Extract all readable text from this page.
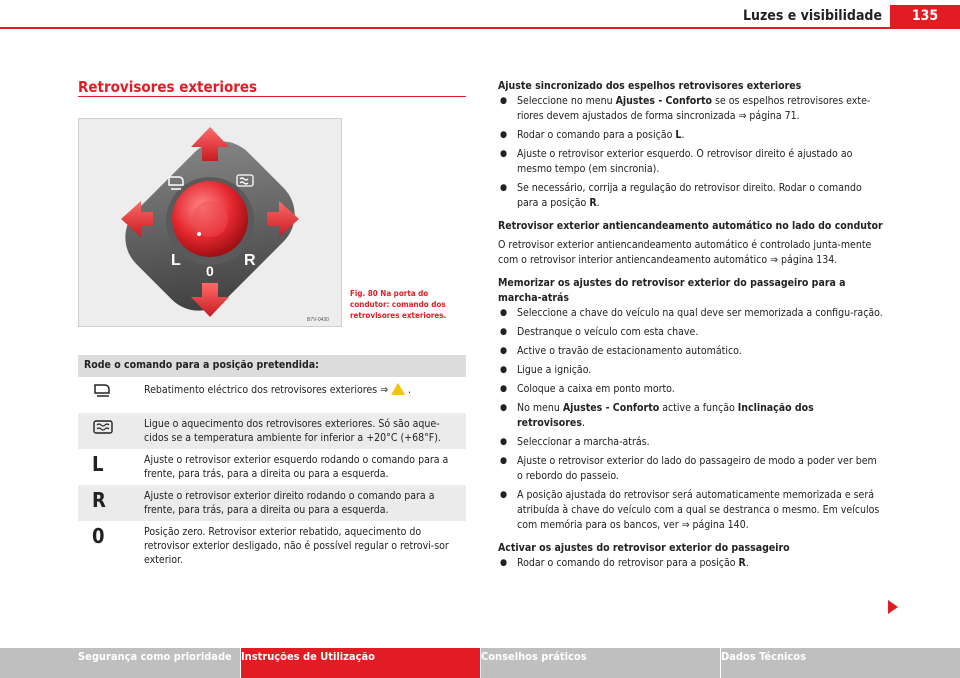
Luzes e visibilidade	135
Retrovisores exteriores
L
0
R
B7V-0430
Fig. 80 Na porta do condutor: comando dos retrovisores exteriores.
Rode o comando para a posição pretendida:
Rebatimento eléctrico dos retrovisores exteriores ⇒ .
Ligue o aquecimento dos retrovisores exteriores. Só são aque-cidos se a temperatura ambiente for inferior a +20°C (+68°F).
L	Ajuste o retrovisor exterior esquerdo rodando o comando para a frente, para trás, para a direita ou para a esquerda.
R	Ajuste o retrovisor exterior direito rodando o comando para a frente, para trás, para a direita ou para a esquerda.
0	Posição zero. Retrovisor exterior rebatido, aquecimento do retrovisor exterior desligado, não é possível regular o retrovi-sor exterior.

Ajuste sincronizado dos espelhos retrovisores exteriores

● Seleccione no menu Ajustes - Conforto se os espelhos retrovisores exte-riores devem ajustados de forma sincronizada ⇒ página 71.

● Rodar o comando para a posição L.

● Ajuste o retrovisor exterior esquerdo. O retrovisor direito é ajustado ao mesmo tempo (em sincronia).

● Se necessário, corrija a regulação do retrovisor direito. Rodar o comando para a posição R.

Retrovisor exterior antiencandeamento automático no lado do condutor

O retrovisor exterior antiencandeamento automático é controlado junta-mente com o retrovisor interior antiencandeamento automático ⇒ página 134.

Memorizar os ajustes do retrovisor exterior do passageiro para a marcha-atrás

● Seleccione a chave do veículo na qual deve ser memorizada a configu-ração.

● Destranque o veículo com esta chave.

● Active o travão de estacionamento automático.

● Ligue a ignição.

● Coloque a caixa em ponto morto.

● No menu Ajustes - Conforto active a função Inclinação dos retrovisores.

● Seleccionar a marcha-atrás.

● Ajuste o retrovisor exterior do lado do passageiro de modo a poder ver bem o rebordo do passeio.

● A posição ajustada do retrovisor será automaticamente memorizada e será atribuída à chave do veículo com a qual se destranca o mesmo. Em veículos com memória para os bancos, ver ⇒ página 140.

Activar os ajustes do retrovisor exterior do passageiro

● Rodar o comando do retrovisor para a posição R.

Segurança como prioridade Instruções de Utilização	Conselhos práticos	Dados Técnicos
